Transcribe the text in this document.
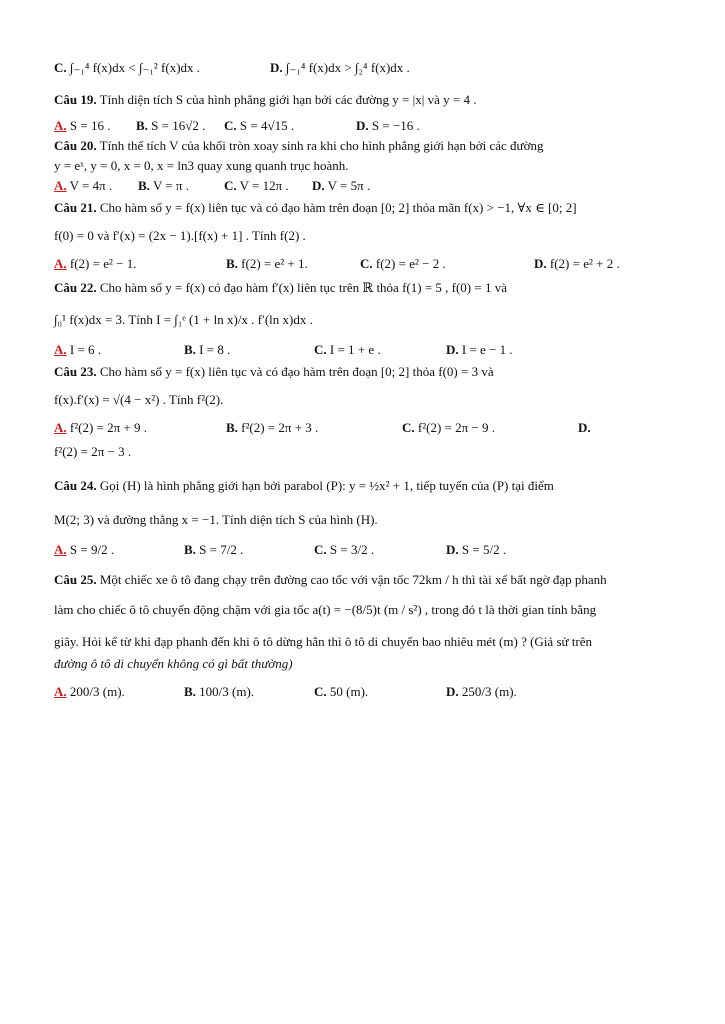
C. ∫₋₁⁴ f(x)dx < ∫₋₁² f(x)dx .	D. ∫₋₁⁴ f(x)dx > ∫₂⁴ f(x)dx .
Câu 19. Tính diện tích S của hình phẳng giới hạn bởi các đường y = |x| và y = 4 .
A. S = 16 . B. S = 16√2 . C. S = 4√15 .	D. S = −16 .
Câu 20. Tính thể tích V của khối tròn xoay sinh ra khi cho hình phẳng giới hạn bởi các đường
y = eˣ, y = 0, x = 0, x = ln3 quay xung quanh trục hoành.
A. V = 4π . B. V = π .	C. V = 12π . D. V = 5π .
Câu 21. Cho hàm số y = f(x) liên tục và có đạo hàm trên đoạn [0; 2] thỏa mãn f(x) > −1, ∀x ∈ [0; 2]
f(0) = 0 và f′(x) = (2x − 1).[f(x) + 1] . Tính f(2) .
A. f(2) = e² − 1.	B. f(2) = e² + 1.	C. f(2) = e² − 2 .	D. f(2) = e² + 2 .
Câu 22. Cho hàm số y = f(x) có đạo hàm f′(x) liên tục trên ℝ thỏa f(1) = 5 , f(0) = 1 và
∫₀¹ f(x)dx = 3. Tính I = ∫₁ᵉ (1 + ln x)/x . f′(ln x)dx .
A. I = 6 .	B. I = 8 .	C. I = 1 + e .	D. I = e − 1 .
Câu 23. Cho hàm số y = f(x) liên tục và có đạo hàm trên đoạn [0; 2] thỏa f(0) = 3 và
f(x).f′(x) = √(4 − x²) . Tính f²(2).
A. f²(2) = 2π + 9 .	B. f²(2) = 2π + 3 .	C. f²(2) = 2π − 9 .	D.
f²(2) = 2π − 3 .
Câu 24. Gọi (H) là hình phẳng giới hạn bởi parabol (P): y = ½x² + 1, tiếp tuyến của (P) tại điểm
M(2; 3) và đường thẳng x = −1. Tính diện tích S của hình (H).
A. S = 9/2 .	B. S = 7/2 .	C. S = 3/2 .	D. S = 5/2 .
Câu 25. Một chiếc xe ô tô đang chạy trên đường cao tốc với vận tốc 72km / h thì tài xế bất ngờ đạp phanh
làm cho chiếc ô tô chuyển động chậm với gia tốc a(t) = −(8/5)t (m / s²) , trong đó t là thời gian tính bằng
giây. Hỏi kể từ khi đạp phanh đến khi ô tô dừng hẳn thì ô tô di chuyển bao nhiêu mét (m) ? (Giả sử trên
đường ô tô di chuyển không có gì bất thường)
A. 200/3 (m).	B. 100/3 (m).	C. 50 (m).	D. 250/3 (m).
